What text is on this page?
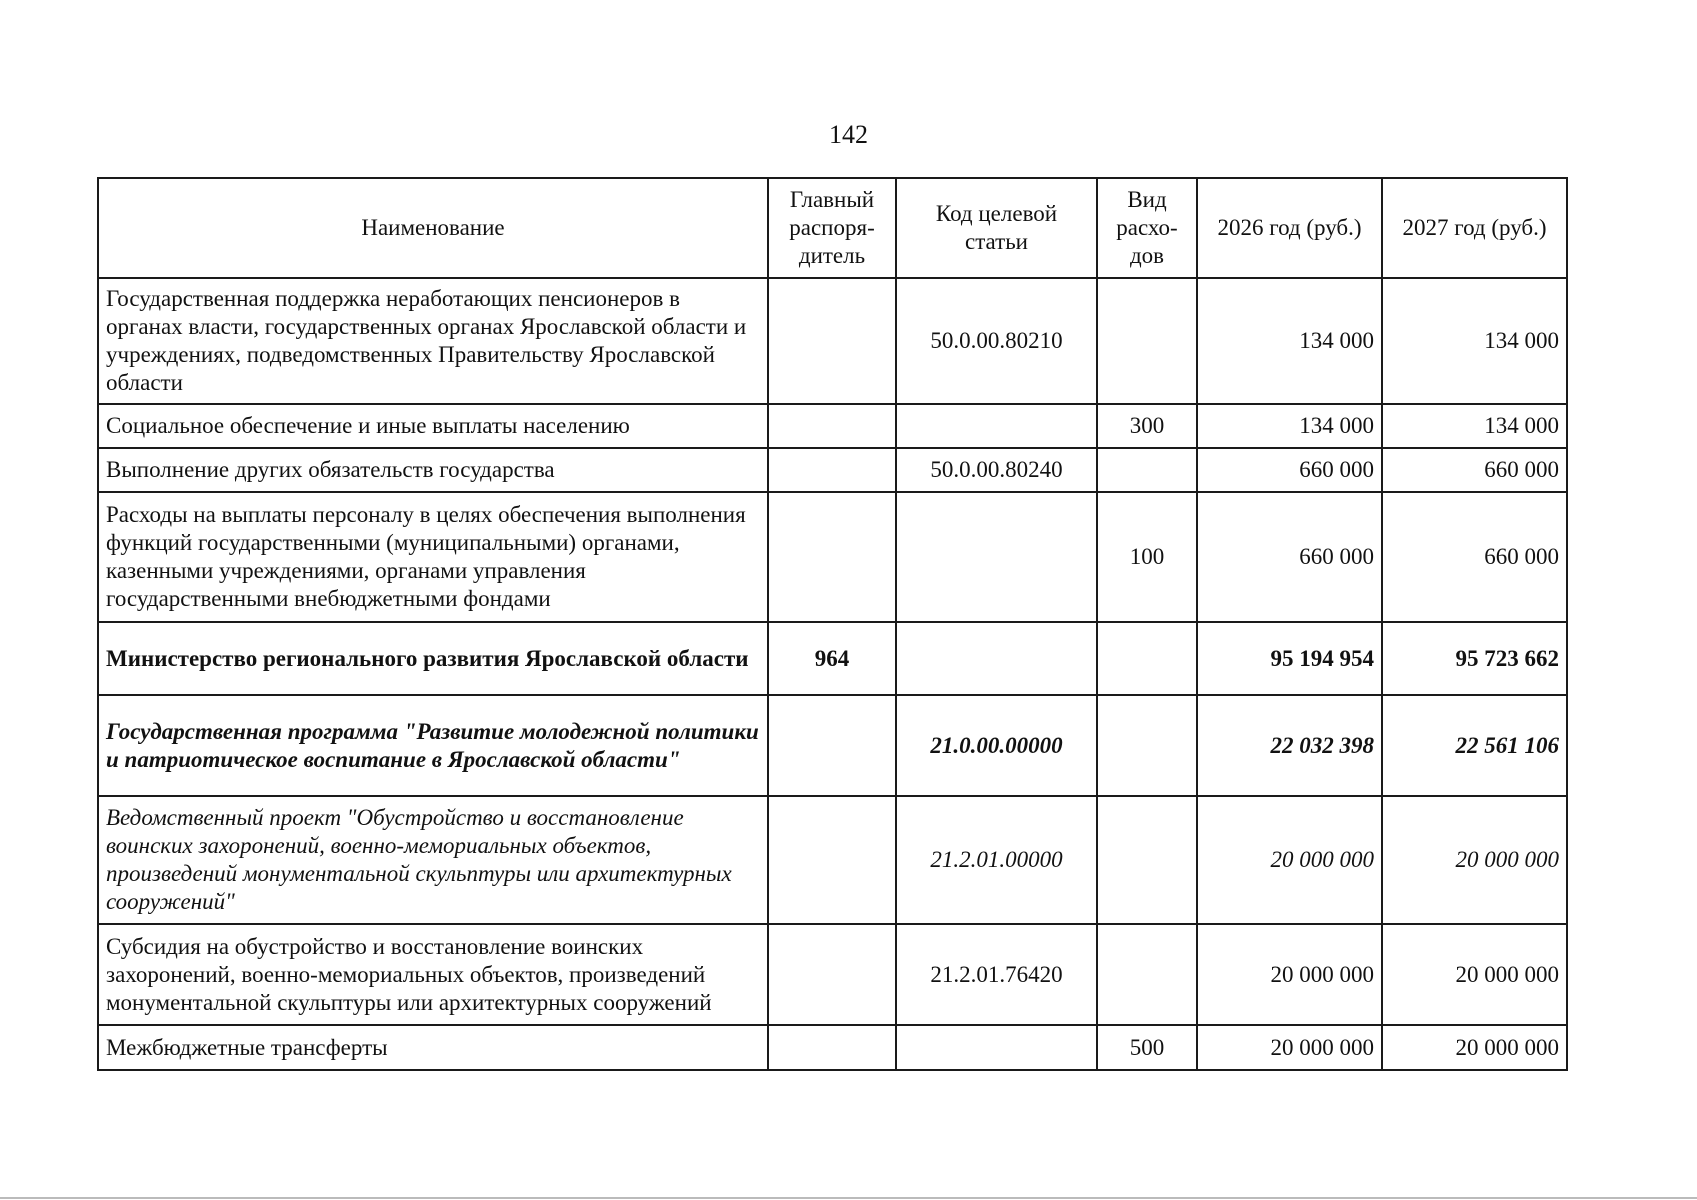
142
Наименование	Главный распоря-дитель	Код целевой статьи	Вид расхо-дов	2026 год (руб.)	2027 год (руб.)
Государственная поддержка неработающих пенсионеров в органах власти, государственных органах Ярославской области и учреждениях, подведомственных Правительству Ярославской области		50.0.00.80210		134 000	134 000
Социальное обеспечение и иные выплаты населению			300	134 000	134 000
Выполнение других обязательств государства		50.0.00.80240		660 000	660 000
Расходы на выплаты персоналу в целях обеспечения выполнения функций государственными (муниципальными) органами, казенными учреждениями, органами управления государственными внебюджетными фондами			100	660 000	660 000
Министерство регионального развития Ярославской области	964			95 194 954	95 723 662
Государственная программа "Развитие молодежной политики и патриотическое воспитание в Ярославской области"		21.0.00.00000		22 032 398	22 561 106
Ведомственный проект "Обустройство и восстановление воинских захоронений, военно-мемориальных объектов, произведений монументальной скульптуры или архитектурных сооружений"		21.2.01.00000		20 000 000	20 000 000
Субсидия на обустройство и восстановление воинских захоронений, военно-мемориальных объектов, произведений монументальной скульптуры или архитектурных сооружений		21.2.01.76420		20 000 000	20 000 000
Межбюджетные трансферты			500	20 000 000	20 000 000
